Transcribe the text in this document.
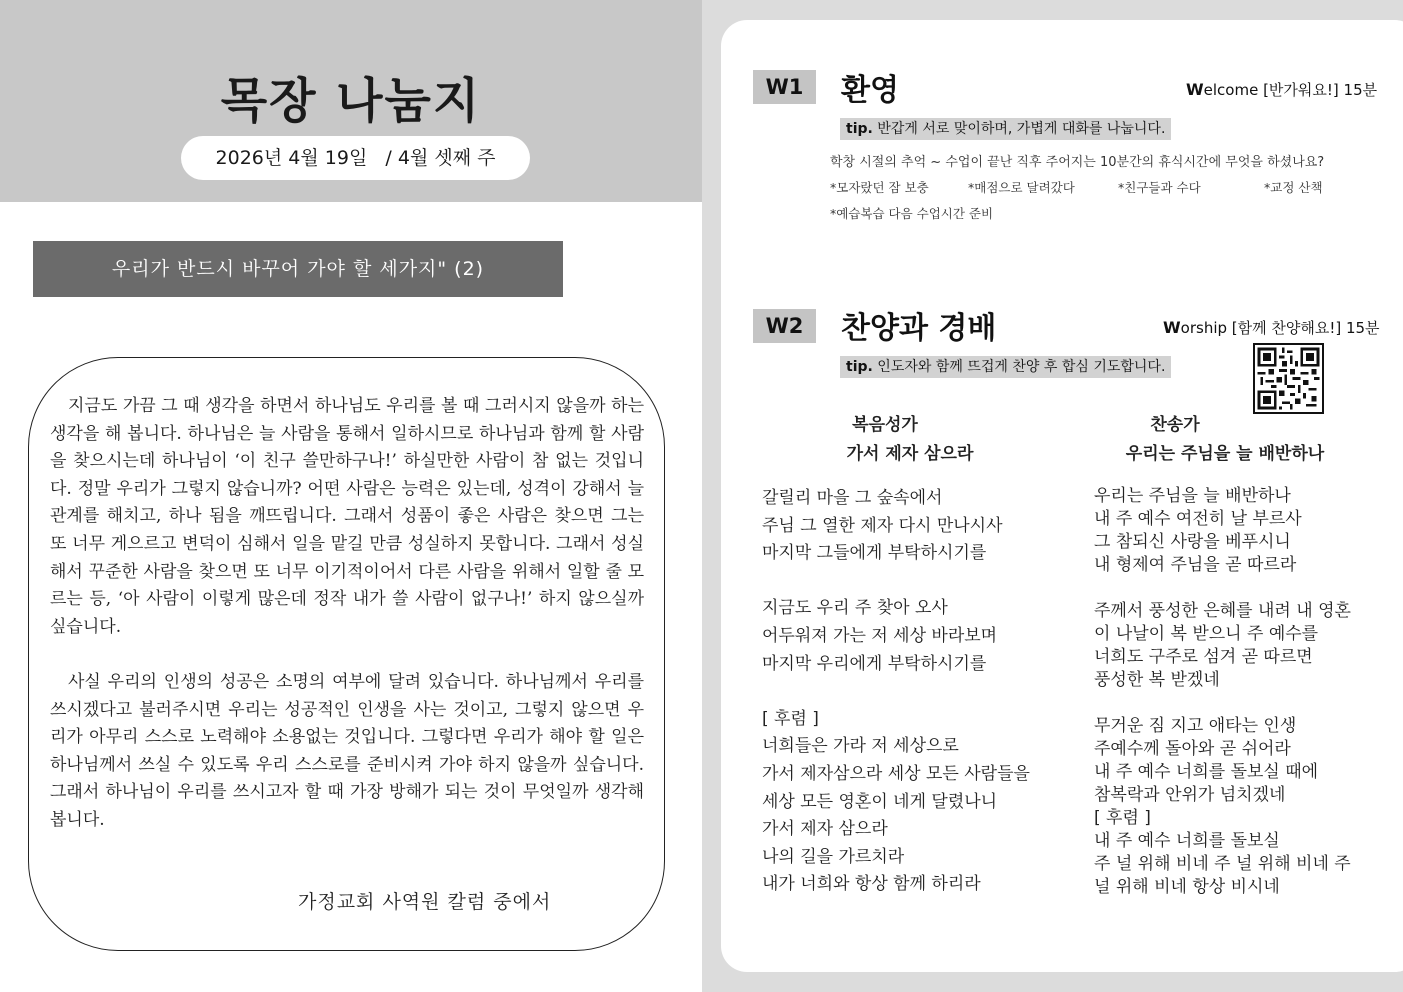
목장 나눔지
2026년 4월 19일   / 4월 셋째 주
우리가 반드시 바꾸어 가야 할 세가지" (2)

지금도 가끔 그 때 생각을 하면서 하나님도 우리를 볼 때 그러시지 않을까 하는 생각을 해 봅니다. 하나님은 늘 사람을 통해서 일하시므로 하나님과 함께 할 사람을 찾으시는데 하나님이 ‘이 친구 쓸만하구나!’ 하실만한 사람이 참 없는 것입니다. 정말 우리가 그렇지 않습니까? 어떤 사람은 능력은 있는데, 성격이 강해서 늘 관계를 해치고, 하나 됨을 깨뜨립니다. 그래서 성품이 좋은 사람은 찾으면 그는 또 너무 게으르고 변덕이 심해서 일을 맡길 만큼 성실하지 못합니다. 그래서 성실해서 꾸준한 사람을 찾으면 또 너무 이기적이어서 다른 사람을 위해서 일할 줄 모르는 등, ‘아 사람이 이렇게 많은데 정작 내가 쓸 사람이 없구나!’ 하지 않으실까 싶습니다.

사실 우리의 인생의 성공은 소명의 여부에 달려 있습니다. 하나님께서 우리를 쓰시겠다고 불러주시면 우리는 성공적인 인생을 사는 것이고, 그렇지 않으면 우리가 아무리 스스로 노력해야 소용없는 것입니다. 그렇다면 우리가 해야 할 일은 하나님께서 쓰실 수 있도록 우리 스스로를 준비시켜 가야 하지 않을까 싶습니다. 그래서 하나님이 우리를 쓰시고자 할 때 가장 방해가 되는 것이 무엇일까 생각해 봅니다.

가정교회 사역원 칼럼 중에서
W1	환영	Welcome [반가워요!] 15분
tip. 반갑게 서로 맞이하며, 가볍게 대화를 나눕니다.
학창 시절의 추억 ~ 수업이 끝난 직후 주어지는 10분간의 휴식시간에 무엇을 하셨나요?
*모자랐던 잠 보충	*매점으로 달려갔다	*친구들과 수다	*교정 산책
*예습복습 다음 수업시간 준비
W2	찬양과 경배	Worship [함께 찬양해요!] 15분
tip. 인도자와 함께 뜨겁게 찬양 후 합심 기도합니다.
복음성가
가서 제자 삼으라
찬송가
우리는 주님을 늘 배반하나
갈릴리 마을 그 숲속에서
주님 그 열한 제자 다시 만나시사
마지막 그들에게 부탁하시기를
지금도 우리 주 찾아 오사
어두워져 가는 저 세상 바라보며
마지막 우리에게 부탁하시기를
[ 후렴 ]
너희들은 가라 저 세상으로
가서 제자삼으라 세상 모든 사람들을
세상 모든 영혼이 네게 달렸나니
가서 제자 삼으라
나의 길을 가르치라
내가 너희와 항상 함께 하리라
우리는 주님을 늘 배반하나
내 주 예수 여전히 날 부르사
그 참되신 사랑을 베푸시니
내 형제여 주님을 곧 따르라
주께서 풍성한 은혜를 내려 내 영혼
이 나날이 복 받으니 주 예수를
너희도 구주로 섬겨 곧 따르면
풍성한 복 받겠네
무거운 짐 지고 애타는 인생
주예수께 돌아와 곧 쉬어라
내 주 예수 너희를 돌보실 때에
참복락과 안위가 넘치겠네
[ 후렴 ]
내 주 예수 너희를 돌보실
주 널 위해 비네 주 널 위해 비네 주
널 위해 비네 항상 비시네
